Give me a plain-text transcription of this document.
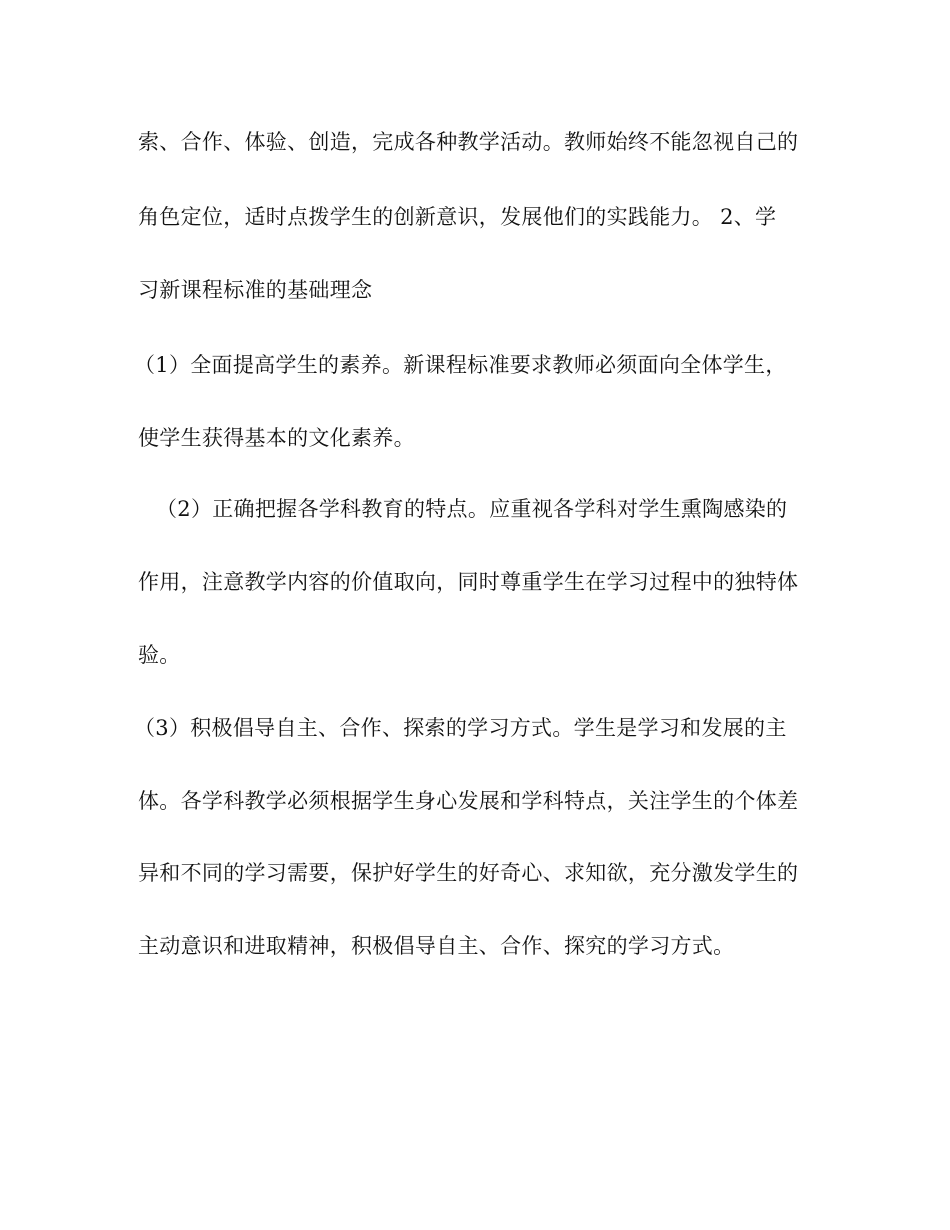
索、合作、体验、创造，完成各种教学活动。教师始终不能忽视自己的
角色定位，适时点拨学生的创新意识，发展他们的实践能力。 2、学
习新课程标准的基础理念
（1）全面提高学生的素养。新课程标准要求教师必须面向全体学生，
使学生获得基本的文化素养。
（2）正确把握各学科教育的特点。应重视各学科对学生熏陶感染的
作用，注意教学内容的价值取向，同时尊重学生在学习过程中的独特体
验。
（3）积极倡导自主、合作、探索的学习方式。学生是学习和发展的主
体。各学科教学必须根据学生身心发展和学科特点，关注学生的个体差
异和不同的学习需要，保护好学生的好奇心、求知欲，充分激发学生的
主动意识和进取精神，积极倡导自主、合作、探究的学习方式。
